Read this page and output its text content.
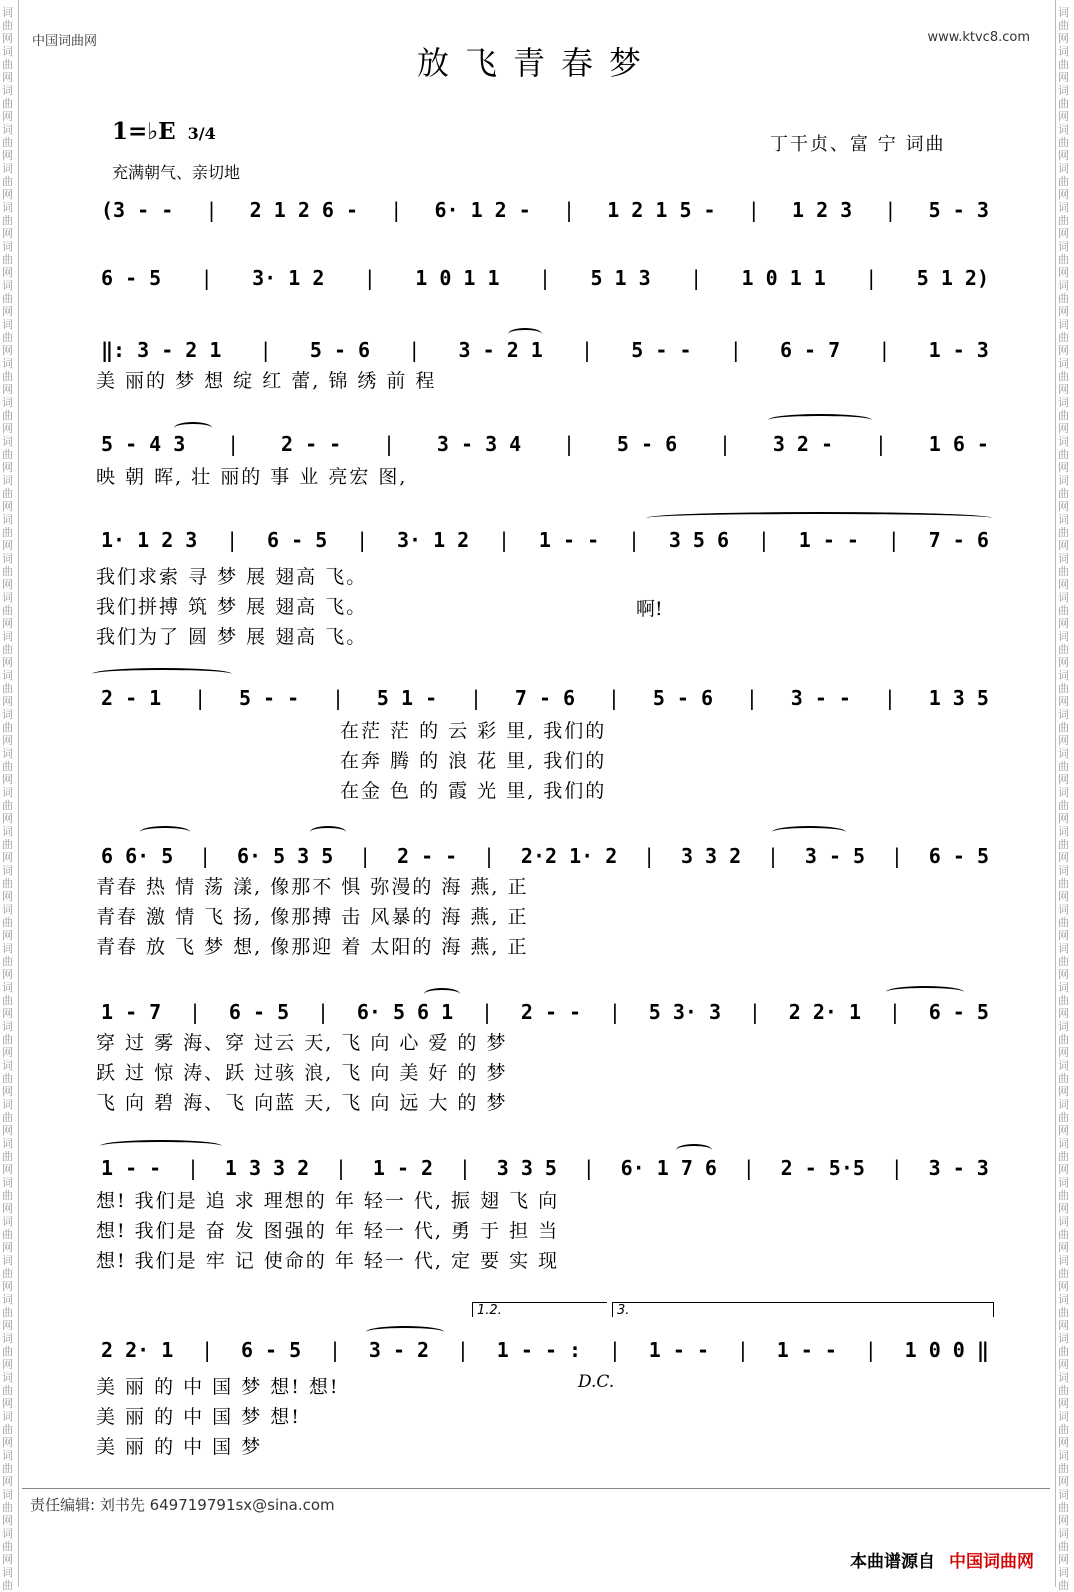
词
曲
网
词
曲
网
词
曲
网
词
曲
网
词
曲
网
词
曲
网
词
曲
网
词
曲
网
词
曲
网
词
曲
网
词
曲
网
词
曲
网
词
曲
网
词
曲
网
词
曲
网
词
曲
网
词
曲
网
词
曲
网
词
曲
网
词
曲
网
词
曲
网
词
曲
网
词
曲
网
词
曲
网
词
曲
网
词
曲
网
词
曲
网
词
曲
网
词
曲
网
词
曲
网
词
曲
网
词
曲
网
词
曲
网
词
曲
网
词
曲
网
词
曲
网
词
曲
网
词
曲
网
词
曲
网
词
曲
网
词
曲
词
曲
网
词
曲
网
词
曲
网
词
曲
网
词
曲
网
词
曲
网
词
曲
网
词
曲
网
词
曲
网
词
曲
网
词
曲
网
词
曲
网
词
曲
网
词
曲
网
词
曲
网
词
曲
网
词
曲
网
词
曲
网
词
曲
网
词
曲
网
词
曲
网
词
曲
网
词
曲
网
词
曲
网
词
曲
网
词
曲
网
词
曲
网
词
曲
网
词
曲
网
词
曲
网
词
曲
网
词
曲
网
词
曲
网
词
曲
网
词
曲
网
词
曲
网
词
曲
网
词
曲
网
词
曲
网
词
曲
网
词
曲
中国词曲网	www.ktvc8.com
放飞青春梦
1=♭E 3/4
丁干贞、富 宁 词曲
充满朝气、亲切地
(3 - - | 2 1 2 6 - | 6· 1 2 - | 1 2 1 5 - | 1 2 3 | 5 - 3
6 - 5 | 3· 1 2 | 1 0 1 1 | 5 1 3 | 1 0 1 1 | 5 1 2)
‖: 3 - 2 1 | 5 - 6 | 3 - 2 1 | 5 - - | 6 - 7 | 1 - 3
美 丽的 梦 想 绽 红 蕾, 锦 绣 前 程
5 - 4 3 | 2 - - | 3 - 3 4 | 5 - 6 | 3 2 - | 1 6 -
映 朝 晖, 壮 丽的 事 业 亮宏 图,
1· 1 2 3 | 6 - 5 | 3· 1 2 | 1 - - | 3 5 6 | 1 - - | 7 - 6
我们求索 寻 梦 展 翅高 飞。
我们拼搏 筑 梦 展 翅高 飞。
我们为了 圆 梦 展 翅高 飞。
啊!
2 - 1 | 5 - - | 5 1 - | 7 - 6 | 5 - 6 | 3 - - | 1 3 5
在茫 茫 的 云 彩 里, 我们的
在奔 腾 的 浪 花 里, 我们的
在金 色 的 霞 光 里, 我们的
6 6· 5 | 6· 5 3 5 | 2 - - | 2·2 1· 2 | 3 3 2 | 3 - 5 | 6 - 5
青春 热 情 荡 漾, 像那不 惧 弥漫的 海 燕, 正
青春 激 情 飞 扬, 像那搏 击 风暴的 海 燕, 正
青春 放 飞 梦 想, 像那迎 着 太阳的 海 燕, 正
1 - 7 | 6 - 5 | 6· 5 6 1 | 2 - - | 5 3· 3 | 2 2· 1 | 6 - 5
穿 过 雾 海、穿 过云 天, 飞 向 心 爱 的 梦
跃 过 惊 涛、跃 过骇 浪, 飞 向 美 好 的 梦
飞 向 碧 海、飞 向蓝 天, 飞 向 远 大 的 梦
1 - - | 1 3 3 2 | 1 - 2 | 3 3 5 | 6· 1 7 6 | 2 - 5·5 | 3 - 3
想! 我们是 追 求 理想的 年 轻一 代, 振 翅 飞 向
想! 我们是 奋 发 图强的 年 轻一 代, 勇 于 担 当
想! 我们是 牢 记 使命的 年 轻一 代, 定 要 实 现
1.2.	3.
2 2· 1 | 6 - 5 | 3 - 2 | 1 - - : | 1 - - | 1 - - | 1 0 0 ‖
美 丽 的 中 国 梦 想! 想!
美 丽 的 中 国 梦 想!
美 丽 的 中 国 梦
D.C.
责任编辑: 刘书先 649719791sx@sina.com
本曲谱源自 中国词曲网
